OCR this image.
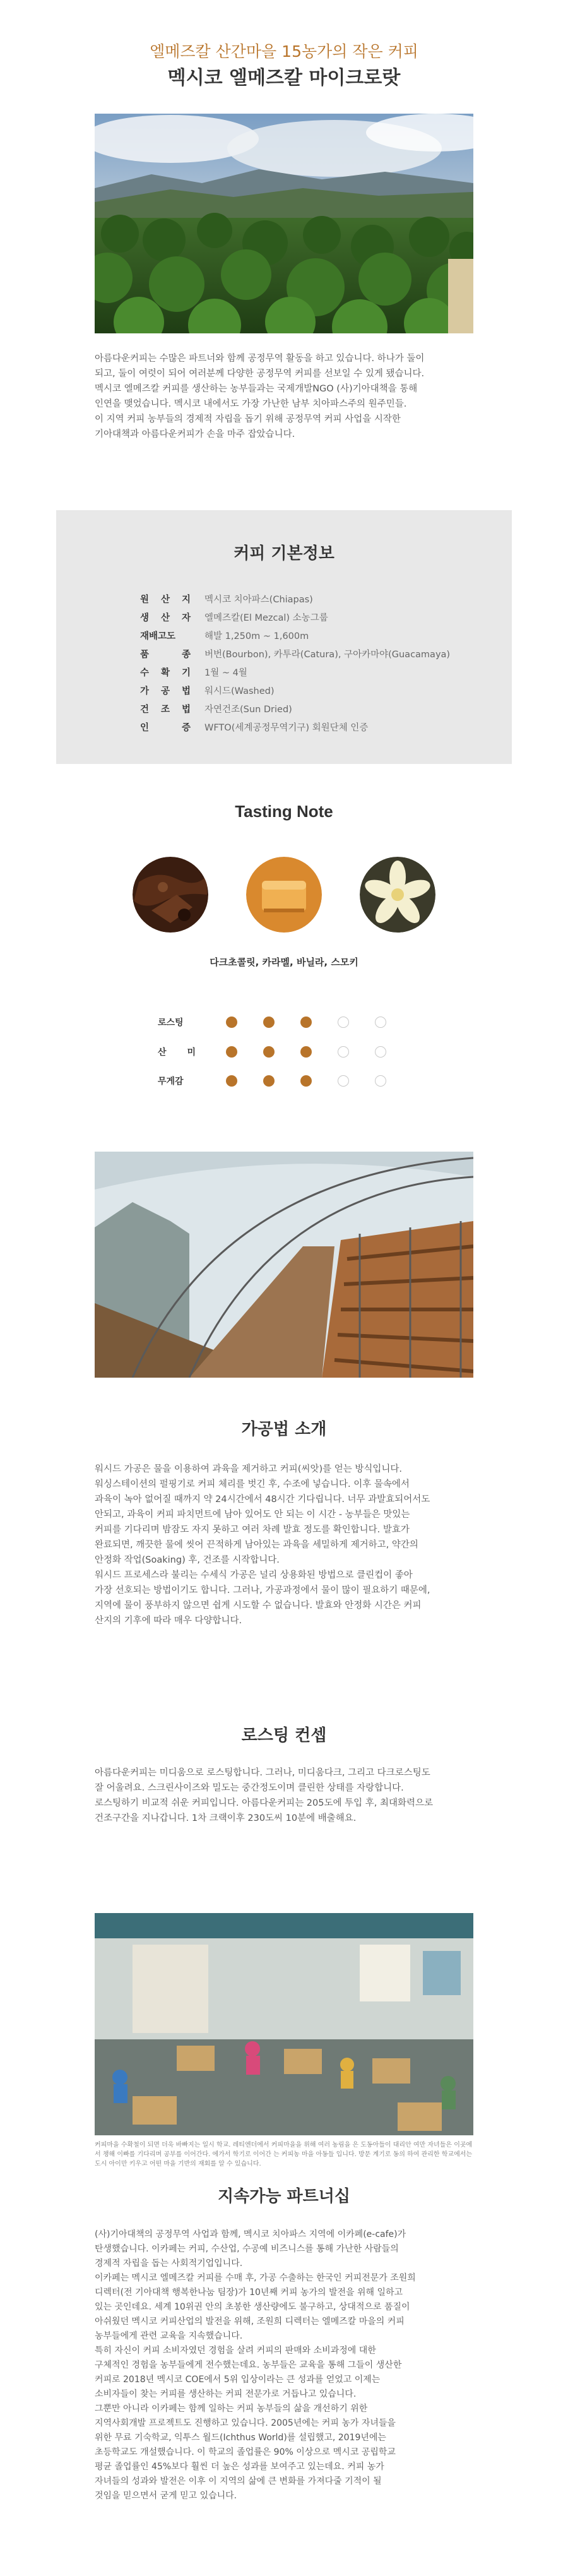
엘메즈칼 산간마을 15농가의 작은 커피
멕시코 엘메즈칼 마이크로랏

아름다운커피는 수많은 파트너와 함께 공정무역 활동을 하고 있습니다. 하나가 둘이
되고, 둘이 여럿이 되어 여러분께 다양한 공정무역 커피를 선보일 수 있게 됐습니다.
멕시코 엘메즈칼 커피를 생산하는 농부들과는 국제개발NGO (사)기아대책을 통해
인연을 맺었습니다. 멕시코 내에서도 가장 가난한 남부 치아파스주의 원주민들.
이 지역 커피 농부들의 경제적 자립을 돕기 위해 공정무역 커피 사업을 시작한
기아대책과 아름다운커피가 손을 마주 잡았습니다.

커피 기본정보
원 산 지 멕시코 치아파스(Chiapas)
생 산 자 엘메즈칼(El Mezcal) 소농그룹
재배고도	해발 1,250m ~ 1,600m
품 종 버번(Bourbon), 카투라(Catura), 구아카마야(Guacamaya)
수 확 기 1월 ~ 4월
가 공 법 워시드(Washed)
건 조 법 자연건조(Sun Dried)
인 증 WFTO(세계공정무역기구) 회원단체 인증
Tasting Note
다크초콜릿, 카라멜, 바닐라, 스모키
로스팅
산 미
무게감
가공법 소개

워시드 가공은 물을 이용하여 과육을 제거하고 커피(씨앗)를 얻는 방식입니다.
워싱스테이션의 펄핑기로 커피 체리를 벗긴 후, 수조에 넣습니다. 이후 물속에서
과육이 녹아 없어질 때까지 약 24시간에서 48시간 기다립니다. 너무 과발효되어서도
안되고, 과육이 커피 파치먼트에 남아 있어도 안 되는 이 시간 - 농부들은 맛있는
커피를 기다리며 밤잠도 자지 못하고 여러 차례 발효 정도를 확인합니다. 발효가
완료되면, 깨끗한 물에 씻어 끈적하게 남아있는 과육을 세밀하게 제거하고, 약간의
안정화 작업(Soaking) 후, 건조를 시작합니다.
워시드 프로세스라 불리는 수세식 가공은 널리 상용화된 방법으로 클린컵이 좋아
가장 선호되는 방법이기도 합니다. 그러나, 가공과정에서 물이 많이 필요하기 때문에,
지역에 물이 풍부하지 않으면 쉽게 시도할 수 없습니다. 발효와 안정화 시간은 커피
산지의 기후에 따라 매우 다양합니다.

로스팅 컨셉

아름다운커피는 미디움으로 로스팅합니다. 그러나, 미디움다크, 그리고 다크로스팅도
잘 어울려요. 스크린사이즈와 밀도는 중간정도이며 클린한 상태를 자랑합니다.
로스팅하기 비교적 쉬운 커피입니다. 아름다운커피는 205도에 투입 후, 최대화력으로
건조구간을 지나갑니다. 1차 크랙이후 230도씨 10분에 배출해요.

커피마을 수확철이 되면 더욱 바빠지는 일시 학교. 레티엔더에서 커피마을을 위해 여러 농림을 은 도동아들이 대리안 여만 자녀들은 이곳에서 챙해 이빠를 기다리며 공부를 이어간다. 에가서 학기로 이어간 는 커피농 마을 아동들 입니다. 방문 계기로 동의 하여 관리한 학교에서는 도시 아이만 키우고 어떤 마을 기반의 재회를 알 수 있습니다.

지속가능 파트너십

(사)기아대책의 공정무역 사업과 함께, 멕시코 치아파스 지역에 이카페(e-cafe)가
탄생했습니다. 이카페는 커피, 수산업, 수공예 비즈니스를 통해 가난한 사람들의
경제적 자립을 돕는 사회적기업입니다.
이카페는 멕시코 엘메즈칼 커피를 수매 후, 가공 수출하는 한국인 커피전문가 조원희
디렉터(전 기아대책 행복한나눔 팀장)가 10년째 커피 농가의 발전을 위해 일하고
있는 곳인데요. 세계 10위권 안의 초봉한 생산량에도 불구하고, 상대적으로 품질이
아쉬웠던 멕시코 커피산업의 발전을 위해, 조원희 디렉터는 엘메즈칼 마을의 커피
농부들에게 관련 교육을 지속했습니다.
특히 자신이 커피 소비자였던 경험을 살려 커피의 판매와 소비과정에 대한
구체적인 경험을 농부들에게 전수했는데요. 농부들은 교육을 통해 그들이 생산한
커피로 2018년 멕시코 COE에서 5위 입상이라는 큰 성과를 얻었고 이제는
소비자들이 찾는 커피를 생산하는 커피 전문가로 거듭나고 있습니다.
그뿐만 아니라 이카페는 함께 일하는 커피 농부들의 삶을 개선하기 위한
지역사회개발 프로젝트도 진행하고 있습니다. 2005년에는 커피 농가 자녀들을
위한 무료 기숙학교, 익투스 월드(Ichthus World)를 설립했고, 2019년에는
초등학교도 개설했습니다. 이 학교의 졸업률은 90% 이상으로 멕시코 공립학교
평균 졸업률인 45%보다 훨씬 더 높은 성과를 보여주고 있는데요. 커피 농가
자녀들의 성과와 발전은 이후 이 지역의 삶에 큰 변화를 가져다줄 기적이 될
것임을 믿으면서 굳게 믿고 있습니다.
